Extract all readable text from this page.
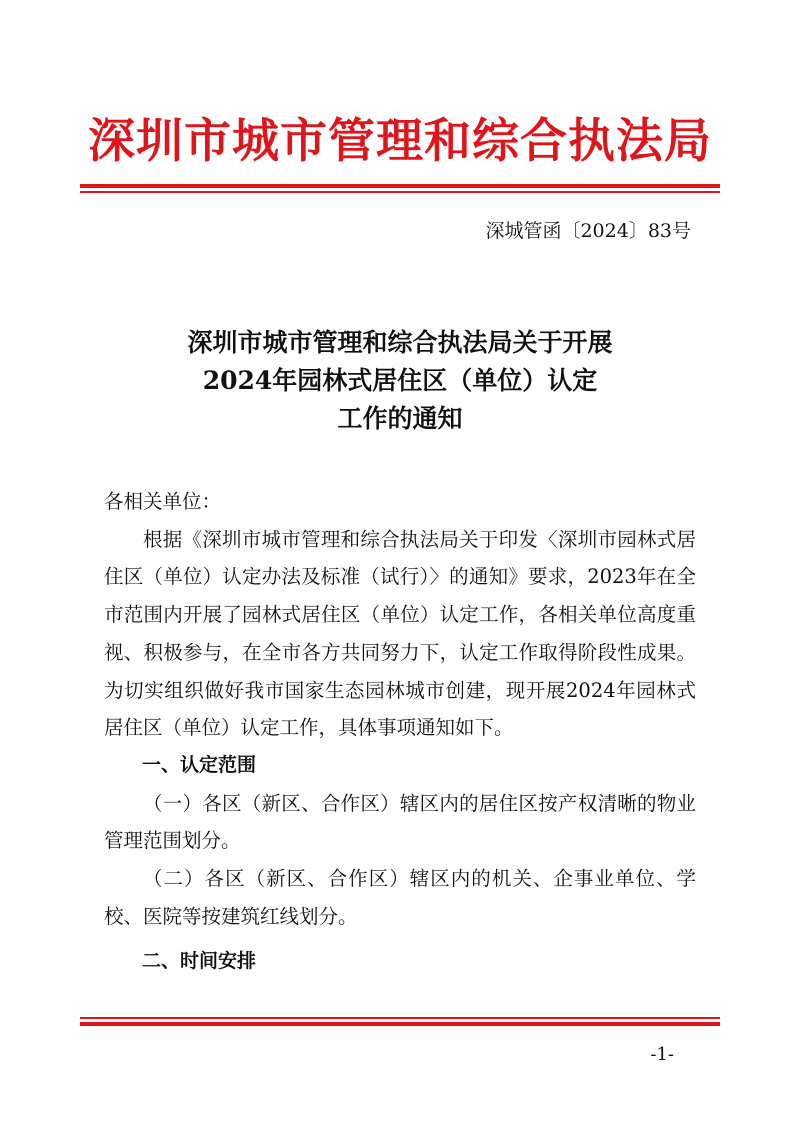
深圳市城市管理和综合执法局
深城管函〔2024〕83号
深圳市城市管理和综合执法局关于开展
2024年园林式居住区（单位）认定
工作的通知

各相关单位：

根据《深圳市城市管理和综合执法局关于印发〈深圳市园林式居住区（单位）认定办法及标准（试行）〉的通知》要求，2023年在全市范围内开展了园林式居住区（单位）认定工作，各相关单位高度重视、积极参与，在全市各方共同努力下，认定工作取得阶段性成果。为切实组织做好我市国家生态园林城市创建，现开展2024年园林式居住区（单位）认定工作，具体事项通知如下。

一、认定范围

（一）各区（新区、合作区）辖区内的居住区按产权清晰的物业管理范围划分。

（二）各区（新区、合作区）辖区内的机关、企事业单位、学校、医院等按建筑红线划分。

二、时间安排

-1-
